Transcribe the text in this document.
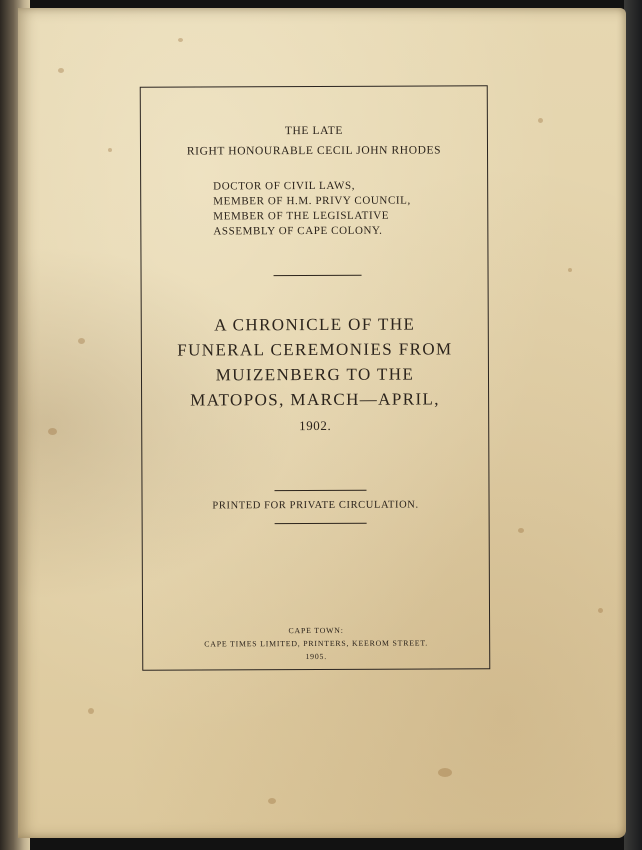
THE LATE
RIGHT HONOURABLE CECIL JOHN RHODES
DOCTOR OF CIVIL LAWS,
MEMBER OF H.M. PRIVY COUNCIL,
MEMBER OF THE LEGISLATIVE
ASSEMBLY OF CAPE COLONY.
A CHRONICLE OF THE
FUNERAL CEREMONIES FROM
MUIZENBERG TO THE
MATOPOS, MARCH—APRIL,
1902.
PRINTED FOR PRIVATE CIRCULATION.
CAPE TOWN:
CAPE TIMES LIMITED, PRINTERS, KEEROM STREET.
1905.
